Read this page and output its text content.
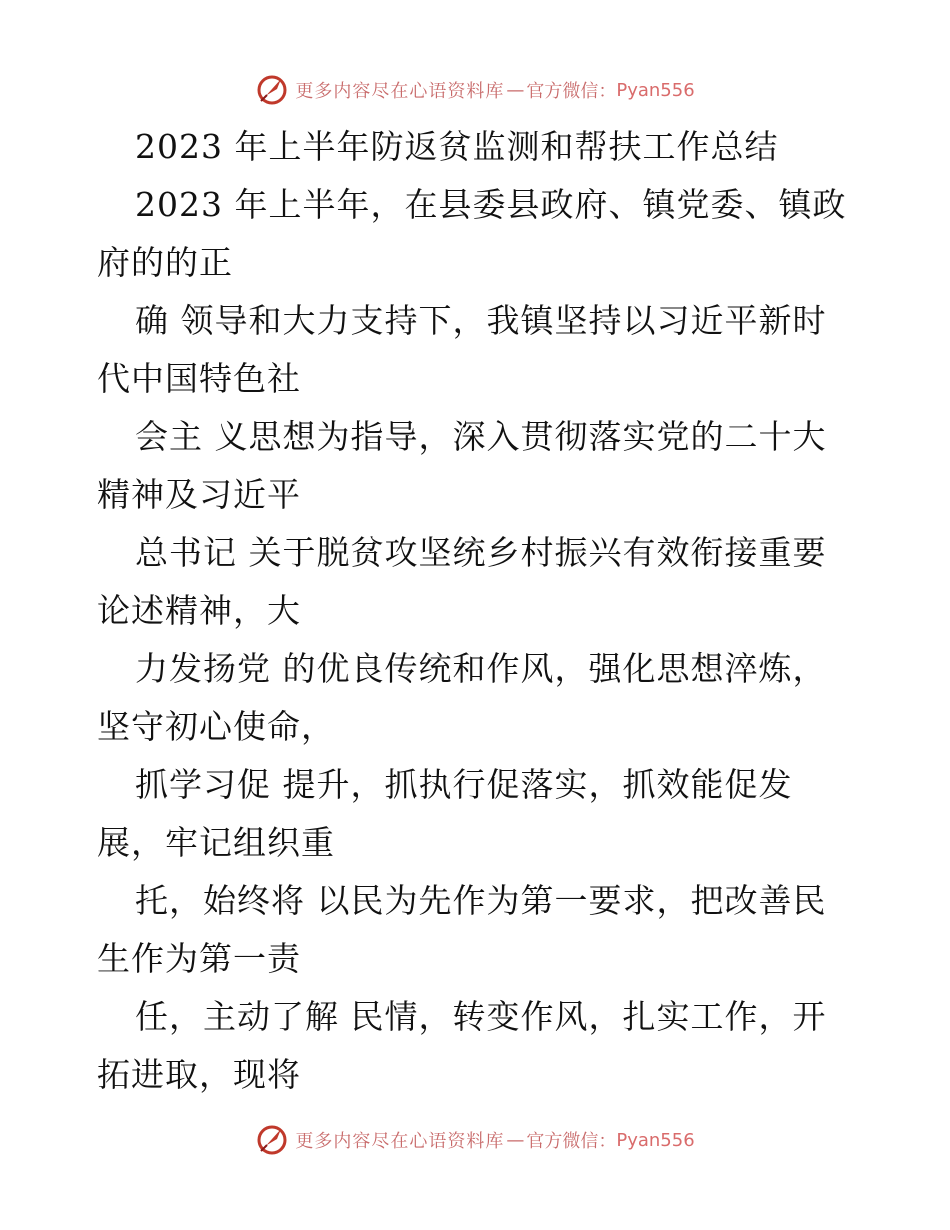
更多内容尽在心语资料库 — 官方微信： Pyan556
2023 年上半年防返贫监测和帮扶工作总结
2023 年上半年，在县委县政府、镇党委、镇政
府的的正
确 领导和大力支持下，我镇坚持以习近平新时
代中国特色社
会主 义思想为指导，深入贯彻落实党的二十大
精神及习近平
总书记 关于脱贫攻坚统乡村振兴有效衔接重要
论述精神，大
力发扬党 的优良传统和作风，强化思想淬炼，
坚守初心使命，
抓学习促 提升，抓执行促落实，抓效能促发
展，牢记组织重
托，始终将 以民为先作为第一要求，把改善民
生作为第一责
任，主动了解 民情，转变作风，扎实工作，开
拓进取，现将
更多内容尽在心语资料库 — 官方微信： Pyan556
